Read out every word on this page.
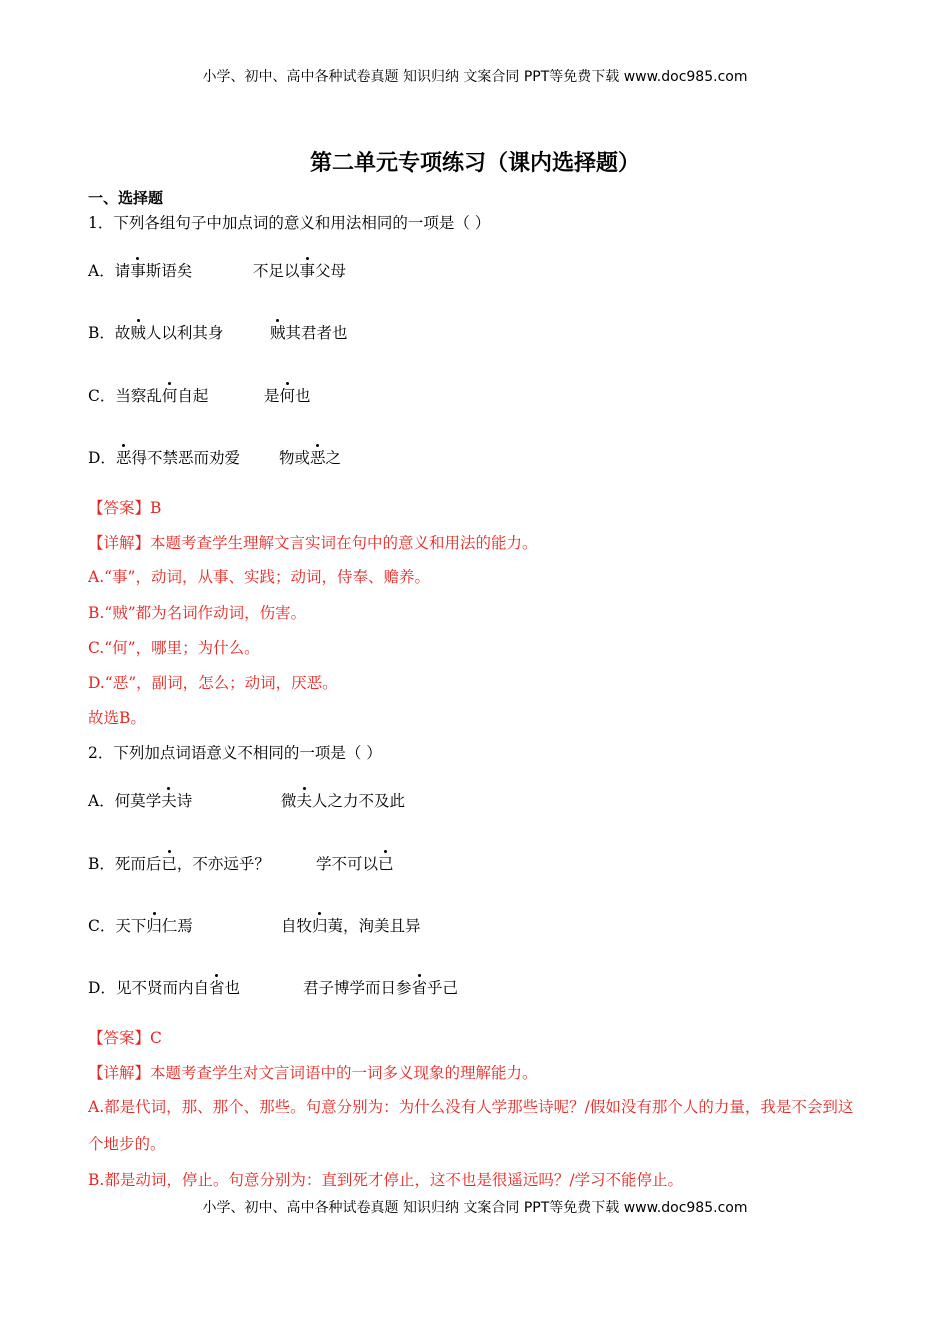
小学、初中、高中各种试卷真题 知识归纳 文案合同 PPT等免费下载 www.doc985.com
第二单元专项练习（课内选择题）
一、选择题
1．下列各组句子中加点词的意义和用法相同的一项是（ ）
A．请事斯语矣	不足以事父母
B．故贼人以利其身	贼其君者也
C．当察乱何自起	是何也
D．恶得不禁恶而劝爱	物或恶之
【答案】B
【详解】本题考查学生理解文言实词在句中的意义和用法的能力。
A.“事”，动词，从事、实践；动词，侍奉、赡养。
B.“贼”都为名词作动词，伤害。
C.“何”，哪里；为什么。
D.“恶”，副词，怎么；动词，厌恶。
故选B。
2．下列加点词语意义不相同的一项是（ ）
A．何莫学夫诗	微夫人之力不及此
B．死而后已，不亦远乎？	学不可以已
C．天下归仁焉	自牧归荑，洵美且异
D．见不贤而内自省也	君子博学而日参省乎己
【答案】C
【详解】本题考查学生对文言词语中的一词多义现象的理解能力。
A.都是代词，那、那个、那些。句意分别为：为什么没有人学那些诗呢？/假如没有那个人的力量，我是不会到这个地步的。
B.都是动词，停止。句意分别为：直到死才停止，这不也是很遥远吗？/学习不能停止。
小学、初中、高中各种试卷真题 知识归纳 文案合同 PPT等免费下载 www.doc985.com
